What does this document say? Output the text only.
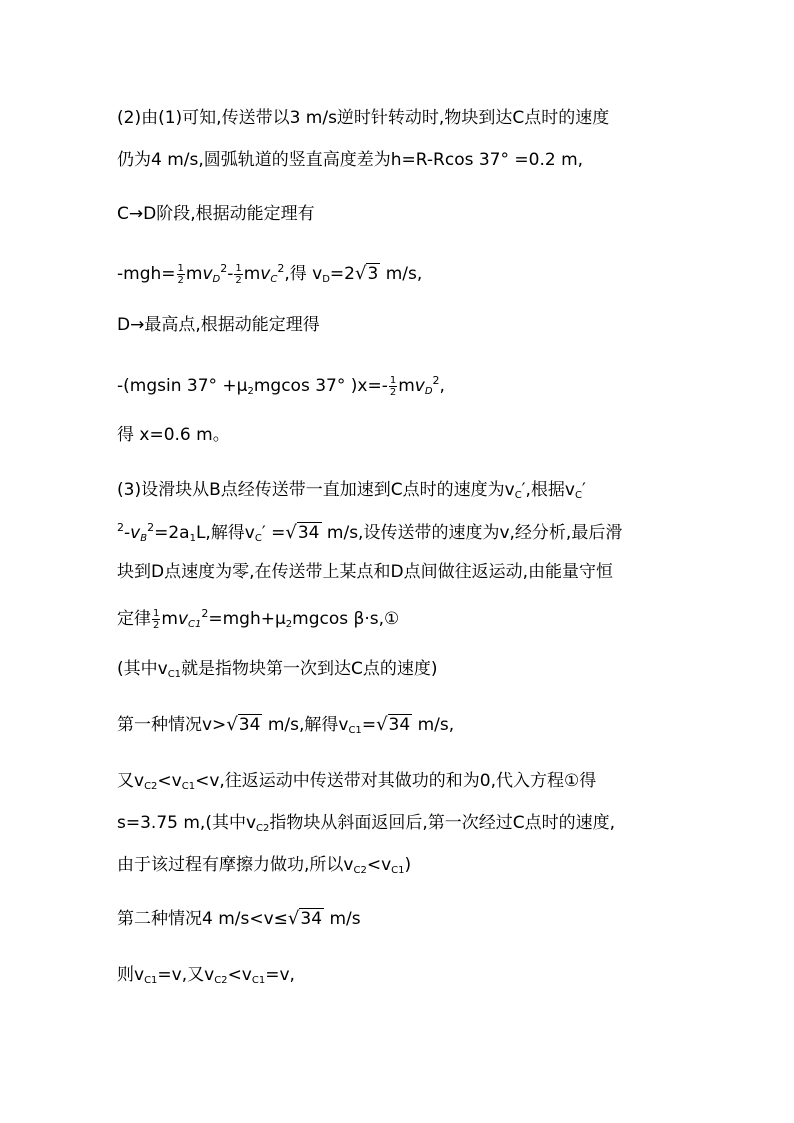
(2)由(1)可知,传送带以3 m/s逆时针转动时,物块到达C点时的速度
仍为4 m/s,圆弧轨道的竖直高度差为h=R-Rcos 37° =0.2 m,
C→D阶段,根据动能定理有
$-mgh= \frac{1}{2} mv_D^2- \frac{1}{2} mv_C^2$,得 $v_D=2√3$ m/s,
D→最高点,根据动能定理得
-(mgsin $37^\circ +\mu_2mgcos$ 37° )$x=- \frac{1}{2} mv_D^2$,
得 x=0.6 m。
(3)设滑块从B点经传送带一直加速到C点时的速度为$v_C'$,根据$v_C'$
$^2-v_B^2=2a_1L$,解得$v_C' =√34$ m/s,设传送带的速度为v,经分析,最后滑
块到D点速度为零,在传送带上某点和D点间做往返运动,由能量守恒
定律 $\frac{1}{2} mv_{C1}^2=mgh+\mu_2mgcos$ β·s,①
(其中$v_{C1}$就是指物块第一次到达C点的速度)
第一种情况v>√34 m/s,解得$v_{C1}=√34$ m/s,
又$v_{C2}<v_{C1}<v$,往返运动中传送带对其做功的和为0,代入方程①得
s=3.75 m,(其中$v_{C2}$指物块从斜面返回后,第一次经过C点时的速度,
由于该过程有摩擦力做功,所以$v_{C2}<v_{C1}$)
第二种情况4 m/s<v≤√34 m/s
则$v_{C1}=v$,又$v_{C2}<v_{C1}=v$,
